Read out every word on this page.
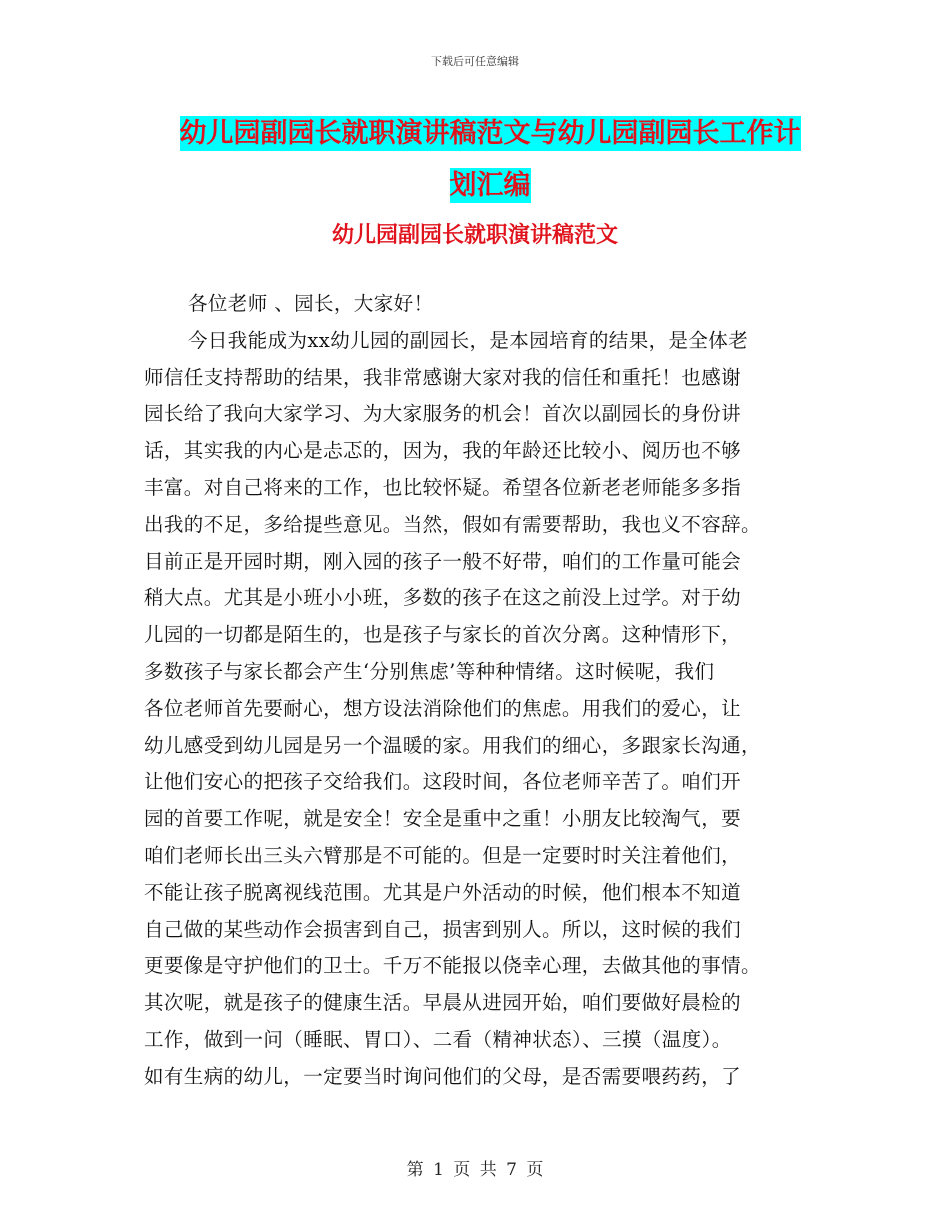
下载后可任意编辑
幼儿园副园长就职演讲稿范文与幼儿园副园长工作计
划汇编
幼儿园副园长就职演讲稿范文
各位老师 、园长，大家好！
今日我能成为xx幼儿园的副园长，是本园培育的结果，是全体老
师信任支持帮助的结果，我非常感谢大家对我的信任和重托！也感谢
园长给了我向大家学习、为大家服务的机会！首次以副园长的身份讲
话，其实我的内心是忐忑的，因为，我的年龄还比较小、阅历也不够
丰富。对自己将来的工作，也比较怀疑。希望各位新老老师能多多指
出我的不足，多给提些意见。当然，假如有需要帮助，我也义不容辞。
目前正是开园时期，刚入园的孩子一般不好带，咱们的工作量可能会
稍大点。尤其是小班小小班，多数的孩子在这之前没上过学。对于幼
儿园的一切都是陌生的，也是孩子与家长的首次分离。这种情形下，
多数孩子与家长都会产生‘分别焦虑’等种种情绪。这时候呢，我们
各位老师首先要耐心，想方设法消除他们的焦虑。用我们的爱心，让
幼儿感受到幼儿园是另一个温暖的家。用我们的细心，多跟家长沟通，
让他们安心的把孩子交给我们。这段时间，各位老师辛苦了。咱们开
园的首要工作呢，就是安全！安全是重中之重！小朋友比较淘气，要
咱们老师长出三头六臂那是不可能的。但是一定要时时关注着他们，
不能让孩子脱离视线范围。尤其是户外活动的时候，他们根本不知道
自己做的某些动作会损害到自己，损害到别人。所以，这时候的我们
更要像是守护他们的卫士。千万不能报以侥幸心理，去做其他的事情。
其次呢，就是孩子的健康生活。早晨从进园开始，咱们要做好晨检的
工作，做到一问（睡眠、胃口）、二看（精神状态）、三摸（温度）。
如有生病的幼儿，一定要当时询问他们的父母，是否需要喂药药，了
第 1 页 共 7 页
